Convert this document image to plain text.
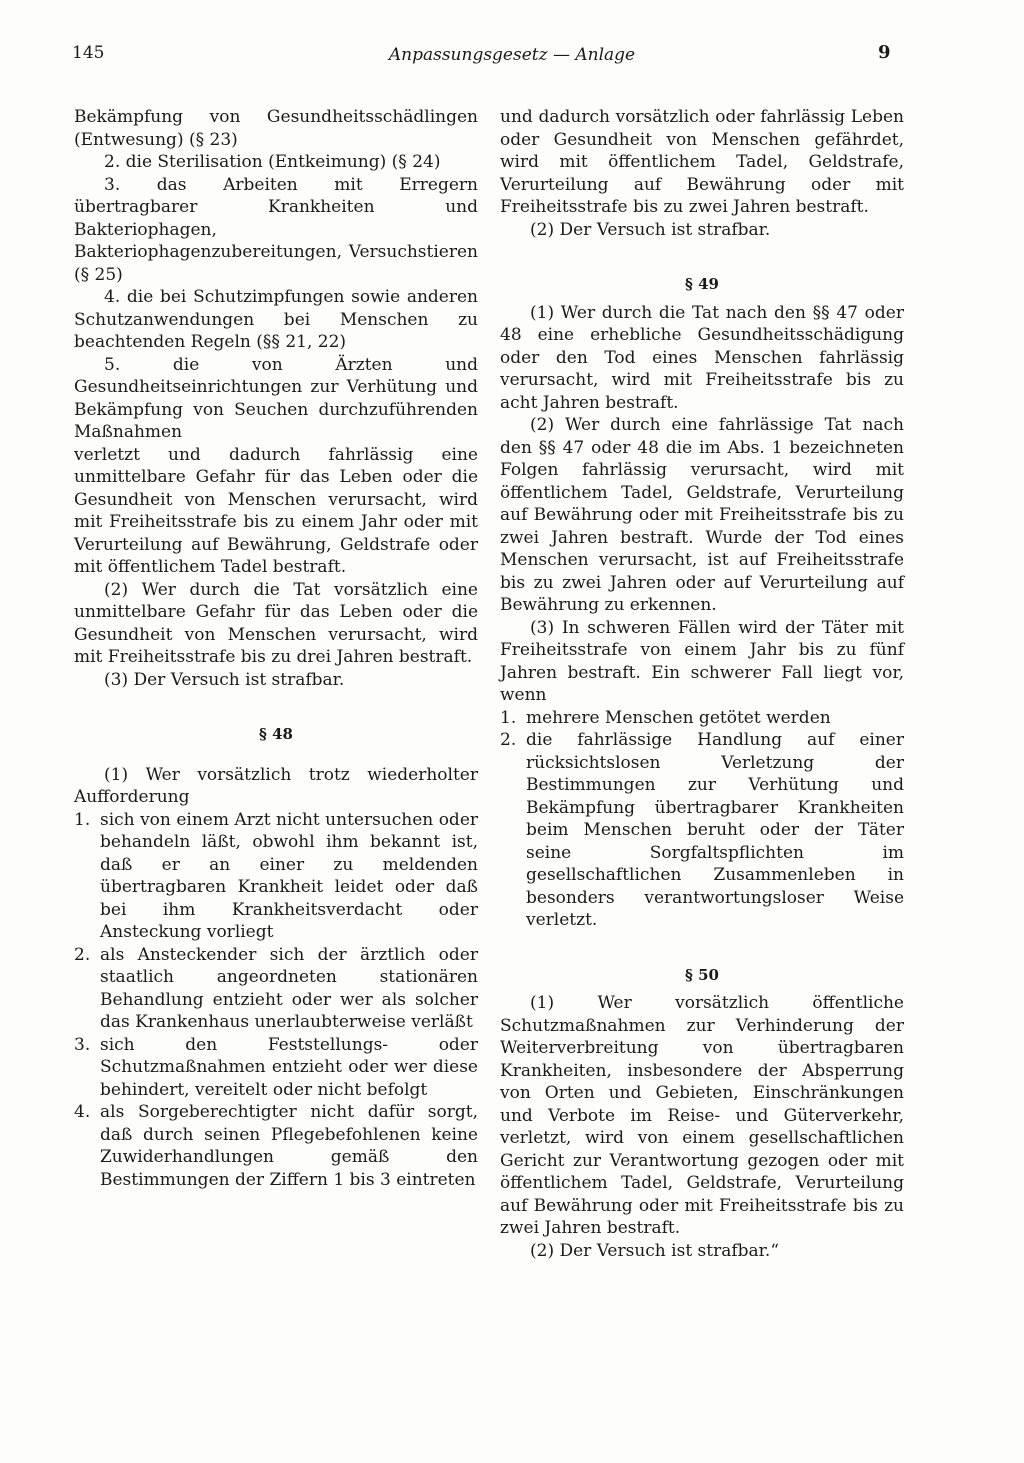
145	Anpassungsgesetz — Anlage	9

Bekämpfung von Gesundheitsschädlingen (Entwesung) (§ 23)

2. die Sterilisation (Entkeimung) (§ 24)

3. das Arbeiten mit Erregern übertragbarer Krankheiten und Bakteriophagen, Bakteriophagenzubereitungen, Versuchstieren (§ 25)

4. die bei Schutzimpfungen sowie anderen Schutzanwendungen bei Menschen zu beachtenden Regeln (§§ 21, 22)

5. die von Ärzten und Gesundheitseinrichtungen zur Verhütung und Bekämpfung von Seuchen durchzuführenden Maßnahmen

verletzt und dadurch fahrlässig eine unmittelbare Gefahr für das Leben oder die Gesundheit von Menschen verursacht, wird mit Freiheitsstrafe bis zu einem Jahr oder mit Verurteilung auf Bewährung, Geldstrafe oder mit öffentlichem Tadel bestraft.

(2) Wer durch die Tat vorsätzlich eine unmittelbare Gefahr für das Leben oder die Gesundheit von Menschen verursacht, wird mit Freiheitsstrafe bis zu drei Jahren bestraft.

(3) Der Versuch ist strafbar.

§ 48

(1) Wer vorsätzlich trotz wiederholter Aufforderung

1. sich von einem Arzt nicht untersuchen oder behandeln läßt, obwohl ihm bekannt ist, daß er an einer zu meldenden übertragbaren Krankheit leidet oder daß bei ihm Krankheitsverdacht oder Ansteckung vorliegt
2. als Ansteckender sich der ärztlich oder staatlich angeordneten stationären Behandlung entzieht oder wer als solcher das Krankenhaus unerlaubterweise verläßt
3. sich den Feststellungs- oder Schutzmaßnahmen entzieht oder wer diese behindert, vereitelt oder nicht befolgt
4. als Sorgeberechtigter nicht dafür sorgt, daß durch seinen Pflegebefohlenen keine Zuwiderhandlungen gemäß den Bestimmungen der Ziffern 1 bis 3 eintreten

und dadurch vorsätzlich oder fahrlässig Leben oder Gesundheit von Menschen gefährdet, wird mit öffentlichem Tadel, Geldstrafe, Verurteilung auf Bewährung oder mit Freiheitsstrafe bis zu zwei Jahren bestraft.

(2) Der Versuch ist strafbar.

§ 49

(1) Wer durch die Tat nach den §§ 47 oder 48 eine erhebliche Gesundheitsschädigung oder den Tod eines Menschen fahrlässig verursacht, wird mit Freiheitsstrafe bis zu acht Jahren bestraft.

(2) Wer durch eine fahrlässige Tat nach den §§ 47 oder 48 die im Abs. 1 bezeichneten Folgen fahrlässig verursacht, wird mit öffentlichem Tadel, Geldstrafe, Verurteilung auf Bewährung oder mit Freiheitsstrafe bis zu zwei Jahren bestraft. Wurde der Tod eines Menschen verursacht, ist auf Freiheitsstrafe bis zu zwei Jahren oder auf Verurteilung auf Bewährung zu erkennen.

(3) In schweren Fällen wird der Täter mit Freiheitsstrafe von einem Jahr bis zu fünf Jahren bestraft. Ein schwerer Fall liegt vor, wenn

1. mehrere Menschen getötet werden
2. die fahrlässige Handlung auf einer rücksichtslosen Verletzung der Bestimmungen zur Verhütung und Bekämpfung übertragbarer Krankheiten beim Menschen beruht oder der Täter seine Sorgfaltspflichten im gesellschaftlichen Zusammenleben in besonders verantwortungsloser Weise verletzt.

§ 50

(1) Wer vorsätzlich öffentliche Schutzmaßnahmen zur Verhinderung der Weiterverbreitung von übertragbaren Krankheiten, insbesondere der Absperrung von Orten und Gebieten, Einschränkungen und Verbote im Reise- und Güterverkehr, verletzt, wird von einem gesellschaftlichen Gericht zur Verantwortung gezogen oder mit öffentlichem Tadel, Geldstrafe, Verurteilung auf Bewährung oder mit Freiheitsstrafe bis zu zwei Jahren bestraft.

(2) Der Versuch ist strafbar.“
